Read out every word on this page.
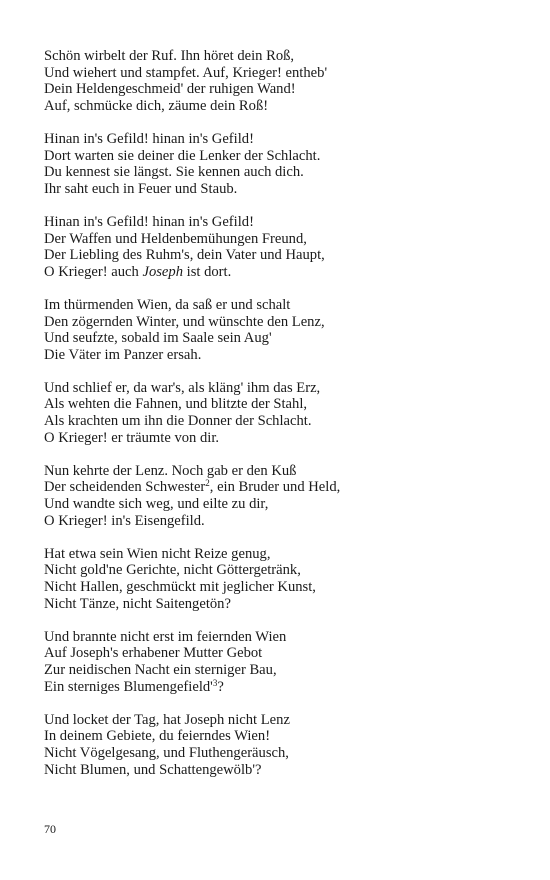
Schön wirbelt der Ruf. Ihn höret dein Roß,
Und wiehert und stampfet. Auf, Krieger! entheb'
Dein Heldengeschmeid' der ruhigen Wand!
Auf, schmücke dich, zäume dein Roß!
Hinan in's Gefild! hinan in's Gefild!
Dort warten sie deiner die Lenker der Schlacht.
Du kennest sie längst. Sie kennen auch dich.
Ihr saht euch in Feuer und Staub.
Hinan in's Gefild! hinan in's Gefild!
Der Waffen und Heldenbemühungen Freund,
Der Liebling des Ruhm's, dein Vater und Haupt,
O Krieger! auch Joseph ist dort.
Im thürmenden Wien, da saß er und schalt
Den zögernden Winter, und wünschte den Lenz,
Und seufzte, sobald im Saale sein Aug'
Die Väter im Panzer ersah.
Und schlief er, da war's, als kläng' ihm das Erz,
Als wehten die Fahnen, und blitzte der Stahl,
Als krachten um ihn die Donner der Schlacht.
O Krieger! er träumte von dir.
Nun kehrte der Lenz. Noch gab er den Kuß
Der scheidenden Schwester$^2$, ein Bruder und Held,
Und wandte sich weg, und eilte zu dir,
O Krieger! in's Eisengefild.
Hat etwa sein Wien nicht Reize genug,
Nicht gold'ne Gerichte, nicht Göttergetränk,
Nicht Hallen, geschmückt mit jeglicher Kunst,
Nicht Tänze, nicht Saitengetön?
Und brannte nicht erst im feiernden Wien
Auf Joseph's erhabener Mutter Gebot
Zur neidischen Nacht ein sterniger Bau,
Ein sterniges $Blumengefield'^3$?
Und locket der Tag, hat Joseph nicht Lenz
In deinem Gebiete, du feierndes Wien!
Nicht Vögelgesang, und Fluthengeräusch,
Nicht Blumen, und Schattengewölb'?
70
